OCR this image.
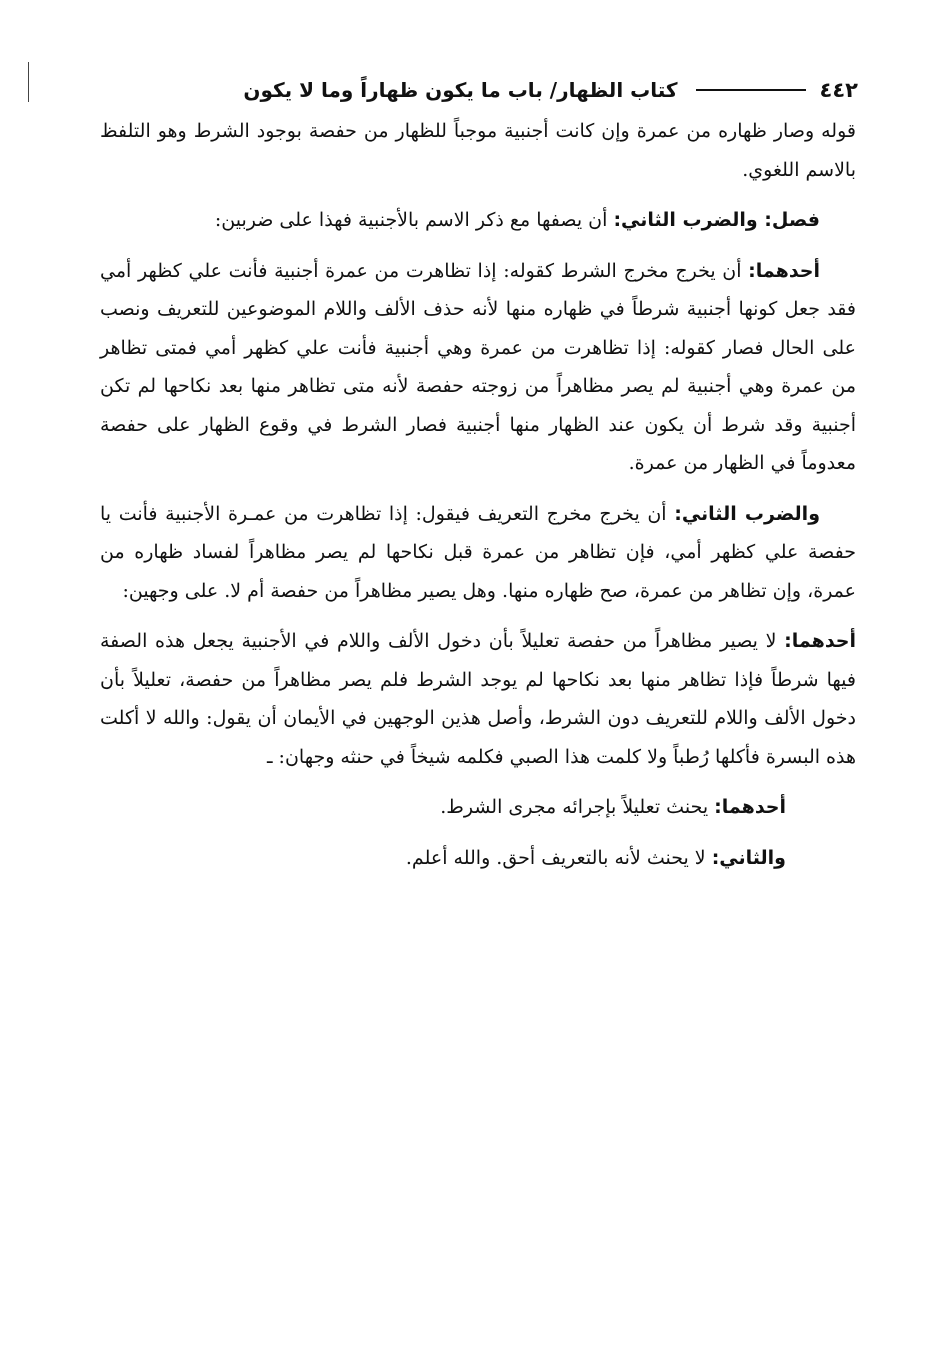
٤٤٢
كتاب الظهار/ باب ما يكون ظهاراً وما لا يكون

قوله وصار ظهاره من عمرة وإن كانت أجنبية موجباً للظهار من حفصة بوجود الشرط وهو التلفظ بالاسم اللغوي.

فصل: والضرب الثاني: أن يصفها مع ذكر الاسم بالأجنبية فهذا على ضربين:

أحدهما: أن يخرج مخرج الشرط كقوله: إذا تظاهرت من عمرة أجنبية فأنت علي كظهر أمي فقد جعل كونها أجنبية شرطاً في ظهاره منها لأنه حذف الألف واللام الموضوعين للتعريف ونصب على الحال فصار كقوله: إذا تظاهرت من عمرة وهي أجنبية فأنت علي كظهر أمي فمتى تظاهر من عمرة وهي أجنبية لم يصر مظاهراً من زوجته حفصة لأنه متى تظاهر منها بعد نكاحها لم تكن أجنبية وقد شرط أن يكون عند الظهار منها أجنبية فصار الشرط في وقوع الظهار على حفصة معدوماً في الظهار من عمرة.

والضرب الثاني: أن يخرج مخرج التعريف فيقول: إذا تظاهرت من عمـرة الأجنبية فأنت يا حفصة علي كظهر أمي، فإن تظاهر من عمرة قبل نكاحها لم يصر مظاهراً لفساد ظهاره من عمرة، وإن تظاهر من عمرة، صح ظهاره منها. وهل يصير مظاهراً من حفصة أم لا. على وجهين:

أحدهما: لا يصير مظاهراً من حفصة تعليلاً بأن دخول الألف واللام في الأجنبية يجعل هذه الصفة فيها شرطاً فإذا تظاهر منها بعد نكاحها لم يوجد الشرط فلم يصر مظاهراً من حفصة، تعليلاً بأن دخول الألف واللام للتعريف دون الشرط، وأصل هذين الوجهين في الأيمان أن يقول: والله لا أكلت هذه البسرة فأكلها رُطباً ولا كلمت هذا الصبي فكلمه شيخاً في حنثه وجهان: ـ

أحدهما: يحنث تعليلاً بإجرائه مجرى الشرط.

والثاني: لا يحنث لأنه بالتعريف أحق. والله أعلم.
